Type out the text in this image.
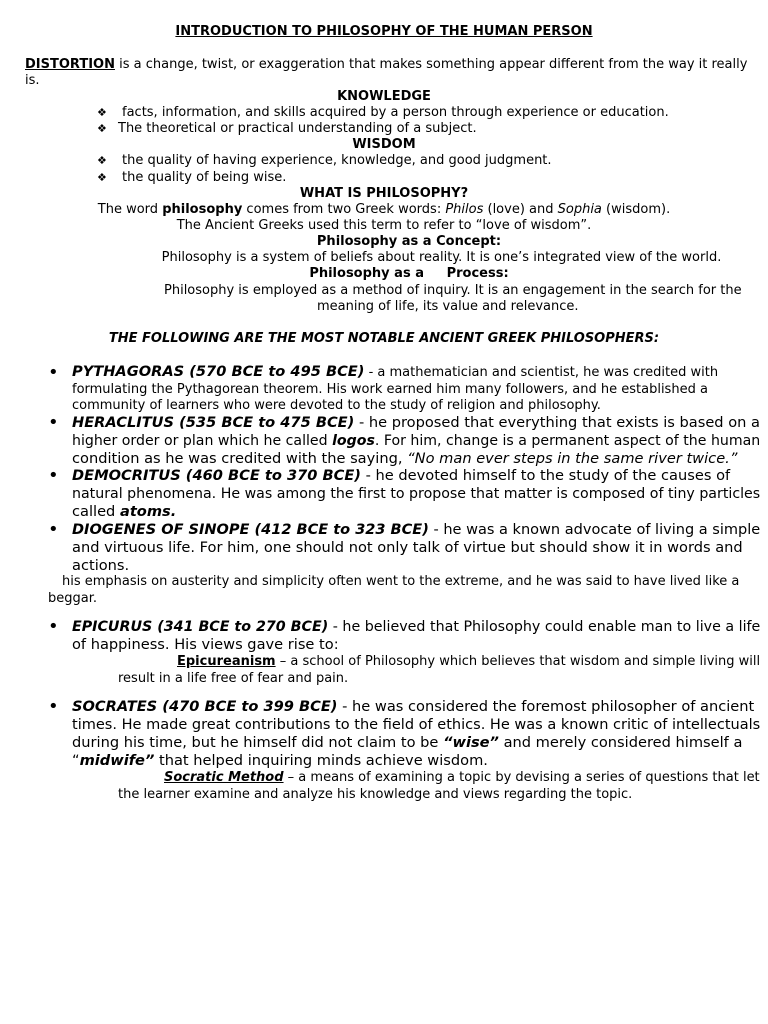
INTRODUCTION TO PHILOSOPHY OF THE HUMAN PERSON
DISTORTION is a change, twist, or exaggeration that makes something appear different from the way it really
is.
KNOWLEDGE
❖ facts, information, and skills acquired by a person through experience or education.
❖ The theoretical or practical understanding of a subject.
WISDOM
❖ the quality of having experience, knowledge, and good judgment.
❖ the quality of being wise.
WHAT IS PHILOSOPHY?
The word philosophy comes from two Greek words: Philos (love) and Sophia (wisdom).
The Ancient Greeks used this term to refer to “love of wisdom”.
Philosophy as a Concept:
Philosophy is a system of beliefs about reality. It is one’s integrated view of the world.
Philosophy as a     Process:
Philosophy is employed as a method of inquiry. It is an engagement in the search for the
meaning of life, its value and relevance.
THE FOLLOWING ARE THE MOST NOTABLE ANCIENT GREEK PHILOSOPHERS:
• PYTHAGORAS (570 BCE to 495 BCE) - a mathematician and scientist, he was credited with
formulating the Pythagorean theorem. His work earned him many followers, and he established a
community of learners who were devoted to the study of religion and philosophy.
• HERACLITUS (535 BCE to 475 BCE) - he proposed that everything that exists is based on a
higher order or plan which he called logos. For him, change is a permanent aspect of the human
condition as he was credited with the saying, “No man ever steps in the same river twice.”
• DEMOCRITUS (460 BCE to 370 BCE) - he devoted himself to the study of the causes of
natural phenomena. He was among the first to propose that matter is composed of tiny particles
called atoms.
• DIOGENES OF SINOPE (412 BCE to 323 BCE) - he was a known advocate of living a simple
and virtuous life. For him, one should not only talk of virtue but should show it in words and
actions.
his emphasis on austerity and simplicity often went to the extreme, and he was said to have lived like a
beggar.
• EPICURUS (341 BCE to 270 BCE) - he believed that Philosophy could enable man to live a life
of happiness. His views gave rise to:
Epicureanism – a school of Philosophy which believes that wisdom and simple living will
result in a life free of fear and pain.
• SOCRATES (470 BCE to 399 BCE) - he was considered the foremost philosopher of ancient
times. He made great contributions to the field of ethics. He was a known critic of intellectuals
during his time, but he himself did not claim to be “wise” and merely considered himself a
“midwife” that helped inquiring minds achieve wisdom.
Socratic Method – a means of examining a topic by devising a series of questions that let
the learner examine and analyze his knowledge and views regarding the topic.
